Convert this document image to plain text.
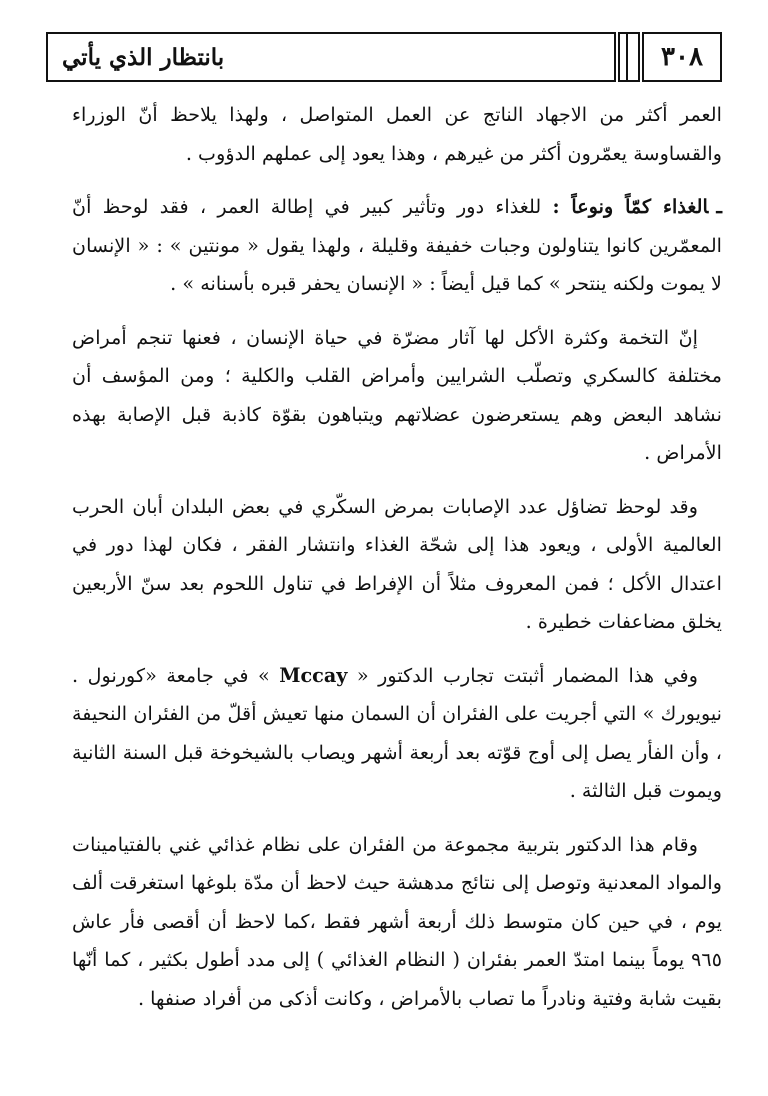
٣٠٨
بانتظار الذي يأتي

العمر أكثر من الاجهاد الناتج عن العمل المتواصل ، ولهذا يلاحظ أنّ الوزراء والقساوسة يعمّرون أكثر من غيرهم ، وهذا يعود إلى عملهم الدؤوب .

ـالغذاء كمّاً ونوعاً : للغذاء دور وتأثير كبير في إطالة العمر ، فقد لوحظ أنّ المعمّرين كانوا يتناولون وجبات خفيفة وقليلة ، ولهذا يقول « مونتين » : « الإنسان لا يموت ولكنه ينتحر » كما قيل أيضاً : « الإنسان يحفر قبره بأسنانه » .

إنّ التخمة وكثرة الأكل لها آثار مضرّة في حياة الإنسان ، فعنها تنجم أمراض مختلفة كالسكري وتصلّب الشرايين وأمراض القلب والكلية ؛ ومن المؤسف أن نشاهد البعض وهم يستعرضون عضلاتهم ويتباهون بقوّة كاذبة قبل الإصابة بهذه الأمراض .

وقد لوحظ تضاؤل عدد الإصابات بمرض السكّري في بعض البلدان أبان الحرب العالمية الأولى ، ويعود هذا إلى شحّة الغذاء وانتشار الفقر ، فكان لهذا دور في اعتدال الأكل ؛ فمن المعروف مثلاً أن الإفراط في تناول اللحوم بعد سنّ الأربعين يخلق مضاعفات خطيرة .

وفي هذا المضمار أثبتت تجارب الدكتور « Mccay » في جامعة «كورنول . نيويورك » التي أجريت على الفئران أن السمان منها تعيش أقلّ من الفئران النحيفة ، وأن الفأر يصل إلى أوج قوّته بعد أربعة أشهر ويصاب بالشيخوخة قبل السنة الثانية ويموت قبل الثالثة .

وقام هذا الدكتور بتربية مجموعة من الفئران على نظام غذائي غني بالفتيامينات والمواد المعدنية وتوصل إلى نتائج مدهشة حيث لاحظ أن مدّة بلوغها استغرقت ألف يوم ، في حين كان متوسط ذلك أربعة أشهر فقط ،كما لاحظ أن أقصى فأر عاش ٩٦٥ يوماً بينما امتدّ العمر بفئران ( النظام الغذائي ) إلى مدد أطول بكثير ، كما أنّها بقيت شابة وفتية ونادراً ما تصاب بالأمراض ، وكانت أذكى من أفراد صنفها .
